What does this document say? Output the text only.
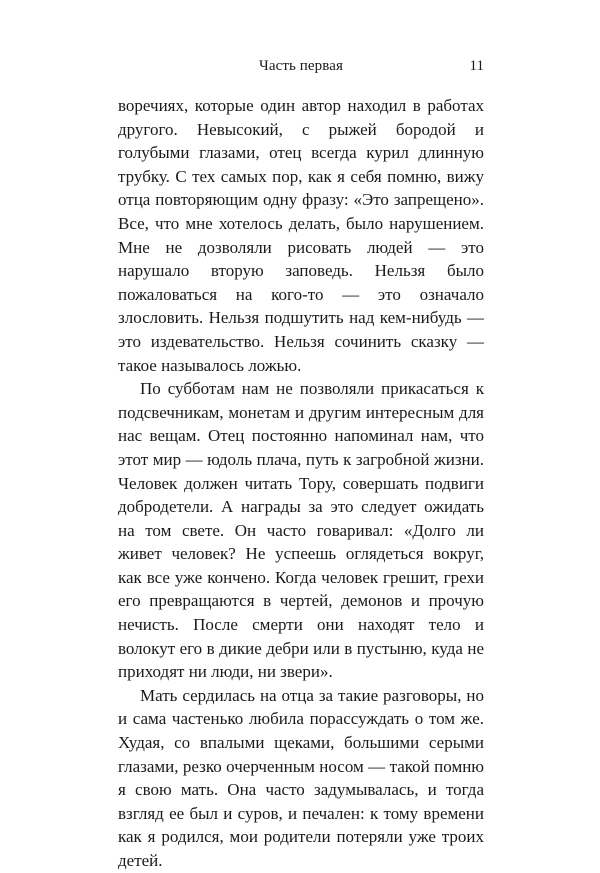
Часть первая	11

воречиях, которые один автор находил в работах другого. Невысокий, с рыжей бородой и голубыми глазами, отец всегда курил длинную трубку. С тех самых пор, как я себя помню, вижу отца повторяющим одну фразу: «Это запрещено». Все, что мне хотелось делать, было нарушением. Мне не дозволяли рисовать людей — это нарушало вторую заповедь. Нельзя было пожаловаться на кого-то — это означало злословить. Нельзя подшутить над кем-нибудь — это издевательство. Нельзя сочинить сказку — такое называлось ложью.

По субботам нам не позволяли прикасаться к подсвечникам, монетам и другим интересным для нас вещам. Отец постоянно напоминал нам, что этот мир — юдоль плача, путь к загробной жизни. Человек должен читать Тору, совершать подвиги добродетели. А награды за это следует ожидать на том свете. Он часто говаривал: «Долго ли живет человек? Не успеешь оглядеться вокруг, как все уже кончено. Когда человек грешит, грехи его превращаются в чертей, демонов и прочую нечисть. После смерти они находят тело и волокут его в дикие дебри или в пустыню, куда не приходят ни люди, ни звери».

Мать сердилась на отца за такие разговоры, но и сама частенько любила порассуждать о том же. Худая, со впалыми щеками, большими серыми глазами, резко очерченным носом — такой помню я свою мать. Она часто задумывалась, и тогда взгляд ее был и суров, и печален: к тому времени как я родился, мои родители потеряли уже троих детей.
